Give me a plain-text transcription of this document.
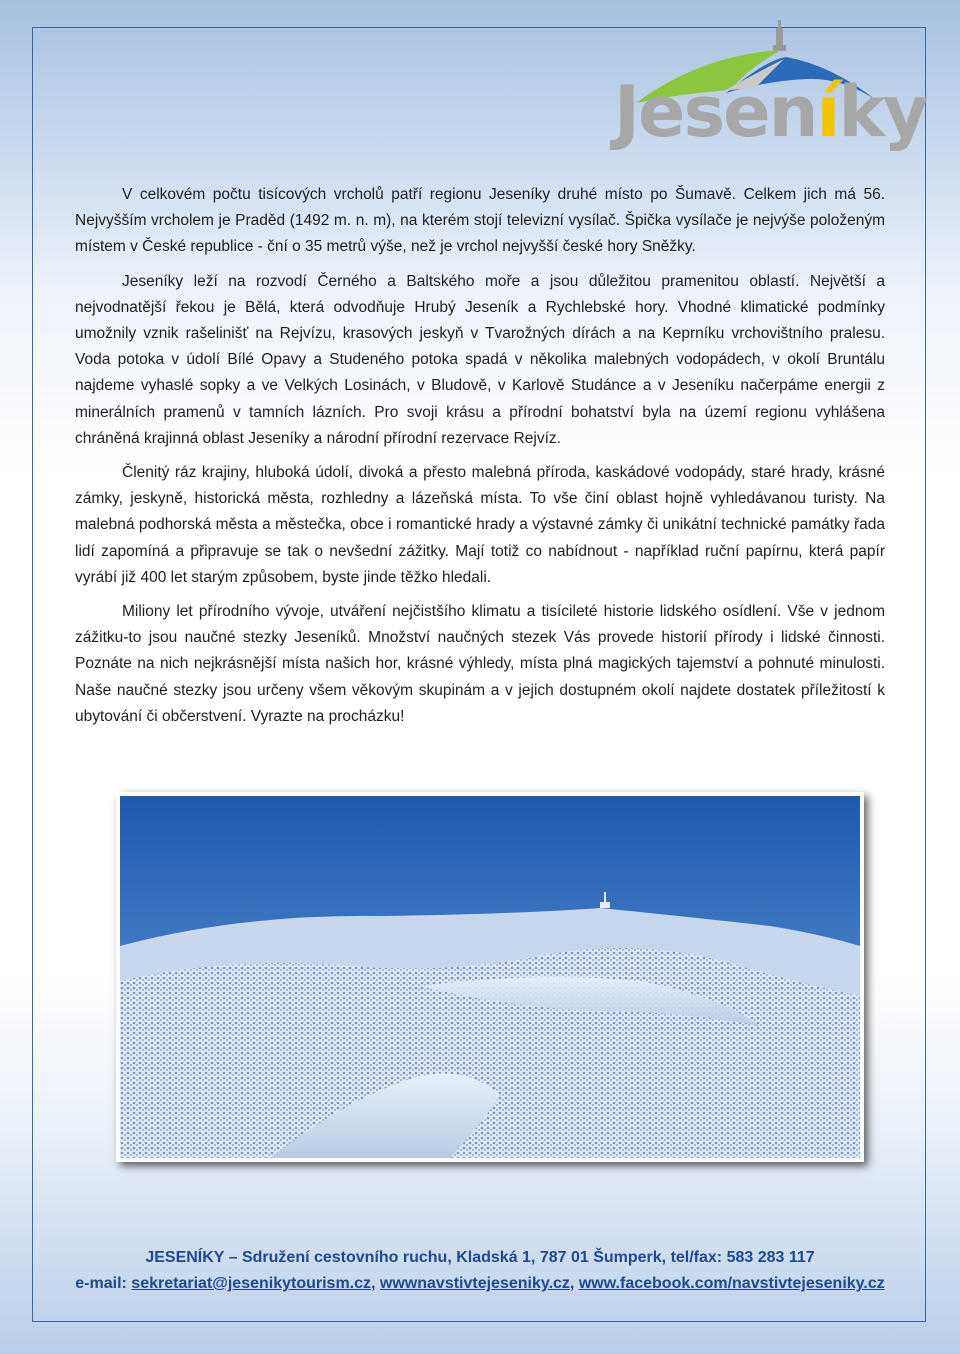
Jeseníky

V celkovém počtu tisícových vrcholů patří regionu Jeseníky druhé místo po Šumavě. Celkem jich má 56. Nejvyšším vrcholem je Praděd (1492 m. n. m), na kterém stojí televizní vysílač. Špička vysílače je nejvýše položeným místem v České republice - ční o 35 metrů výše, než je vrchol nejvyšší české hory Sněžky.

Jeseníky leží na rozvodí Černého a Baltského moře a jsou důležitou pramenitou oblastí. Největší a nejvodnatější řekou je Bělá, která odvodňuje Hrubý Jeseník a Rychlebské hory. Vhodné klimatické podmínky umožnily vznik rašelinišť na Rejvízu, krasových jeskyň v Tvarožných dírách a na Keprníku vrchovištního pralesu. Voda potoka v údolí Bílé Opavy a Studeného potoka spadá v několika malebných vodopádech, v okolí Bruntálu najdeme vyhaslé sopky a ve Velkých Losinách, v Bludově, v Karlově Studánce a v Jeseníku načerpáme energii z minerálních pramenů v tamních lázních. Pro svoji krásu a přírodní bohatství byla na území regionu vyhlášena chráněná krajinná oblast Jeseníky a národní přírodní rezervace Rejvíz.

Členitý ráz krajiny, hluboká údolí, divoká a přesto malebná příroda, kaskádové vodopády, staré hrady, krásné zámky, jeskyně, historická města, rozhledny a lázeňská místa. To vše činí oblast hojně vyhledávanou turisty. Na malebná podhorská města a městečka, obce i romantické hrady a výstavné zámky či unikátní technické památky řada lidí zapomíná a připravuje se tak o nevšední zážitky. Mají totiž co nabídnout - například ruční papírnu, která papír vyrábí již 400 let starým způsobem, byste jinde těžko hledali.

Miliony let přírodního vývoje, utváření nejčistšího klimatu a tisícileté historie lidského osídlení. Vše v jednom zážitku-to jsou naučné stezky Jeseníků. Množství naučných stezek Vás provede historií přírody i lidské činnosti. Poznáte na nich nejkrásnější místa našich hor, krásné výhledy, místa plná magických tajemství a pohnuté minulosti. Naše naučné stezky jsou určeny všem věkovým skupinám a v jejich dostupném okolí najdete dostatek příležitostí k ubytování či občerstvení. Vyrazte na procházku!

JESENÍKY – Sdružení cestovního ruchu, Kladská 1, 787 01 Šumperk, tel/fax: 583 283 117
e-mail: sekretariat@jesenikytourism.cz, wwwnavstivtejeseniky.cz, www.facebook.com/navstivtejeseniky.cz
